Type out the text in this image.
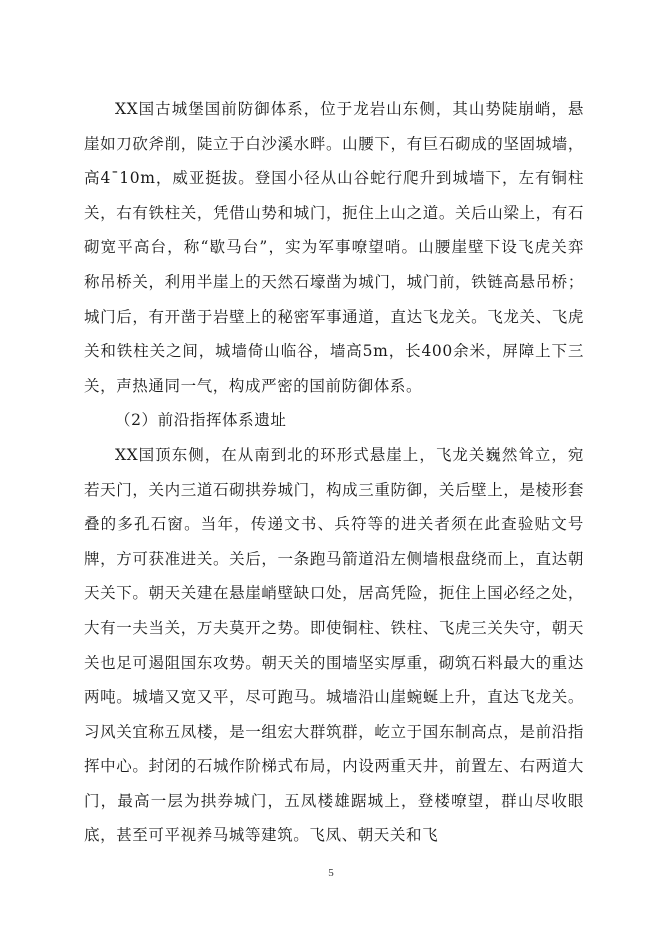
XX国古城堡国前防御体系，位于龙岩山东侧，其山势陡崩峭，悬崖如刀砍斧削，陡立于白沙溪水畔。山腰下，有巨石砌成的坚固城墙，高4¯10m，威亚挺拔。登国小径从山谷蛇行爬升到城墙下，左有铜柱关，右有铁柱关，凭借山势和城门，扼住上山之道。关后山梁上，有石砌宽平高台，称“歇马台”，实为军事嘹望哨。山腰崖壁下设飞虎关弈称吊桥关，利用半崖上的天然石壕凿为城门，城门前，铁链高悬吊桥；城门后，有开凿于岩壁上的秘密军事通道，直达飞龙关。飞龙关、飞虎关和铁柱关之间，城墙倚山临谷，墙高5m，长400余米，屏障上下三关，声热通同一气，构成严密的国前防御体系。

（2）前沿指挥体系遗址

XX国顶东侧，在从南到北的环形式悬崖上，飞龙关巍然耸立，宛若天门，关内三道石砌拱券城门，构成三重防御，关后壁上，是棱形套叠的多孔石窗。当年，传递文书、兵符等的进关者须在此查验贴文号牌，方可获准进关。关后，一条跑马箭道沿左侧墙根盘绕而上，直达朝天关下。朝天关建在悬崖峭壁缺口处，居高凭险，扼住上国必经之处，大有一夫当关，万夫莫开之势。即使铜柱、铁柱、飞虎三关失守，朝天关也足可遏阻国东攻势。朝天关的围墙坚实厚重，砌筑石料最大的重达两吨。城墙又宽又平，尽可跑马。城墙沿山崖蜿蜒上升，直达飞龙关。习风关宜称五凤楼，是一组宏大群筑群，屹立于国东制高点，是前沿指挥中心。封闭的石城作阶梯式布局，内设两重天井，前置左、右两道大门，最高一层为拱券城门，五凤楼雄踞城上，登楼嘹望，群山尽收眼底，甚至可平视养马城等建筑。飞凤、朝天关和飞

5
